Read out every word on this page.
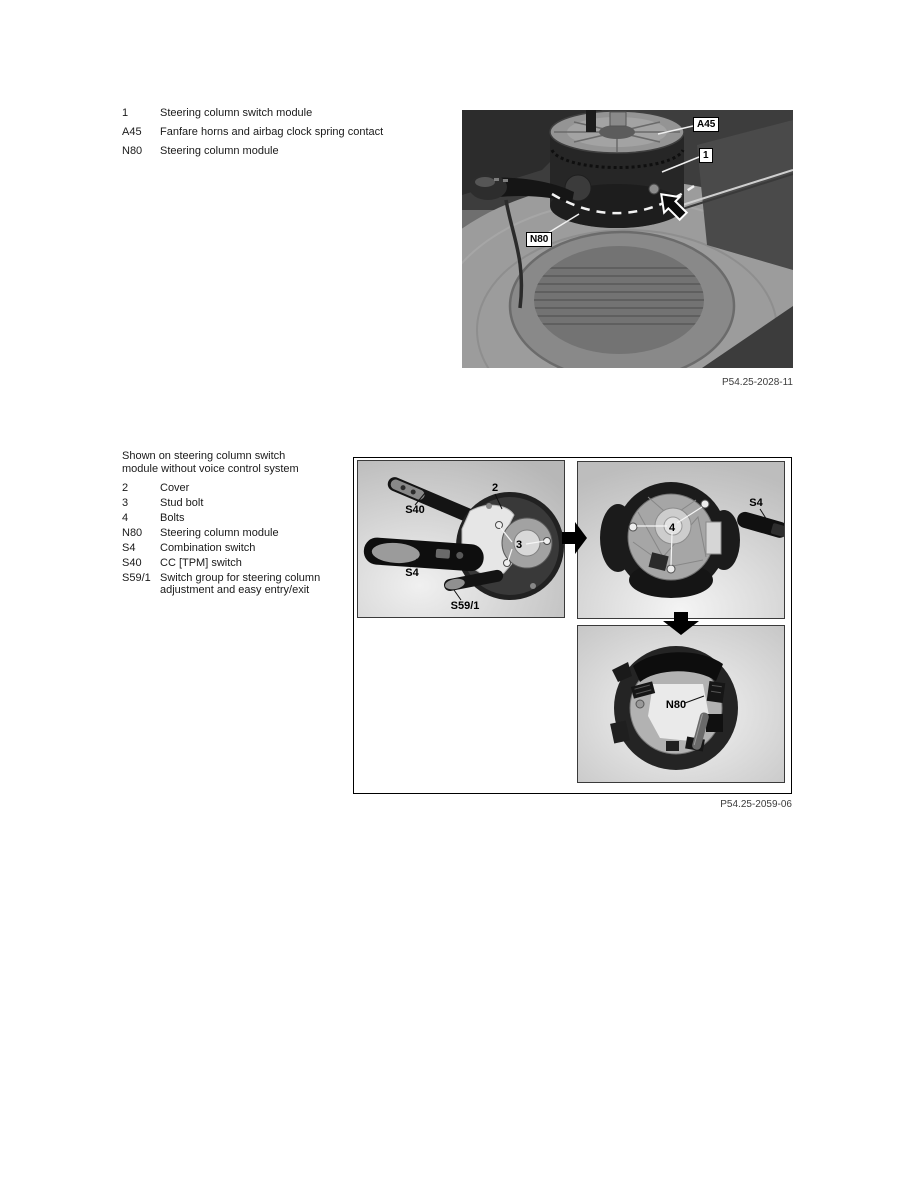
1	Steering column switch module
A45	Fanfare horns and airbag clock spring contact
N80	Steering column module
A45
1
N80
P54.25-2028-11
Shown on steering column switch module without voice control system
2	Cover
3	Stud bolt
4	Bolts
N80	Steering column module
S4	Combination switch
S40	CC [TPM] switch
S59/1 Switch group for steering column adjustment and easy entry/exit
S40
2
3
S4
S59/1
4
S4
N80
P54.25-2059-06
